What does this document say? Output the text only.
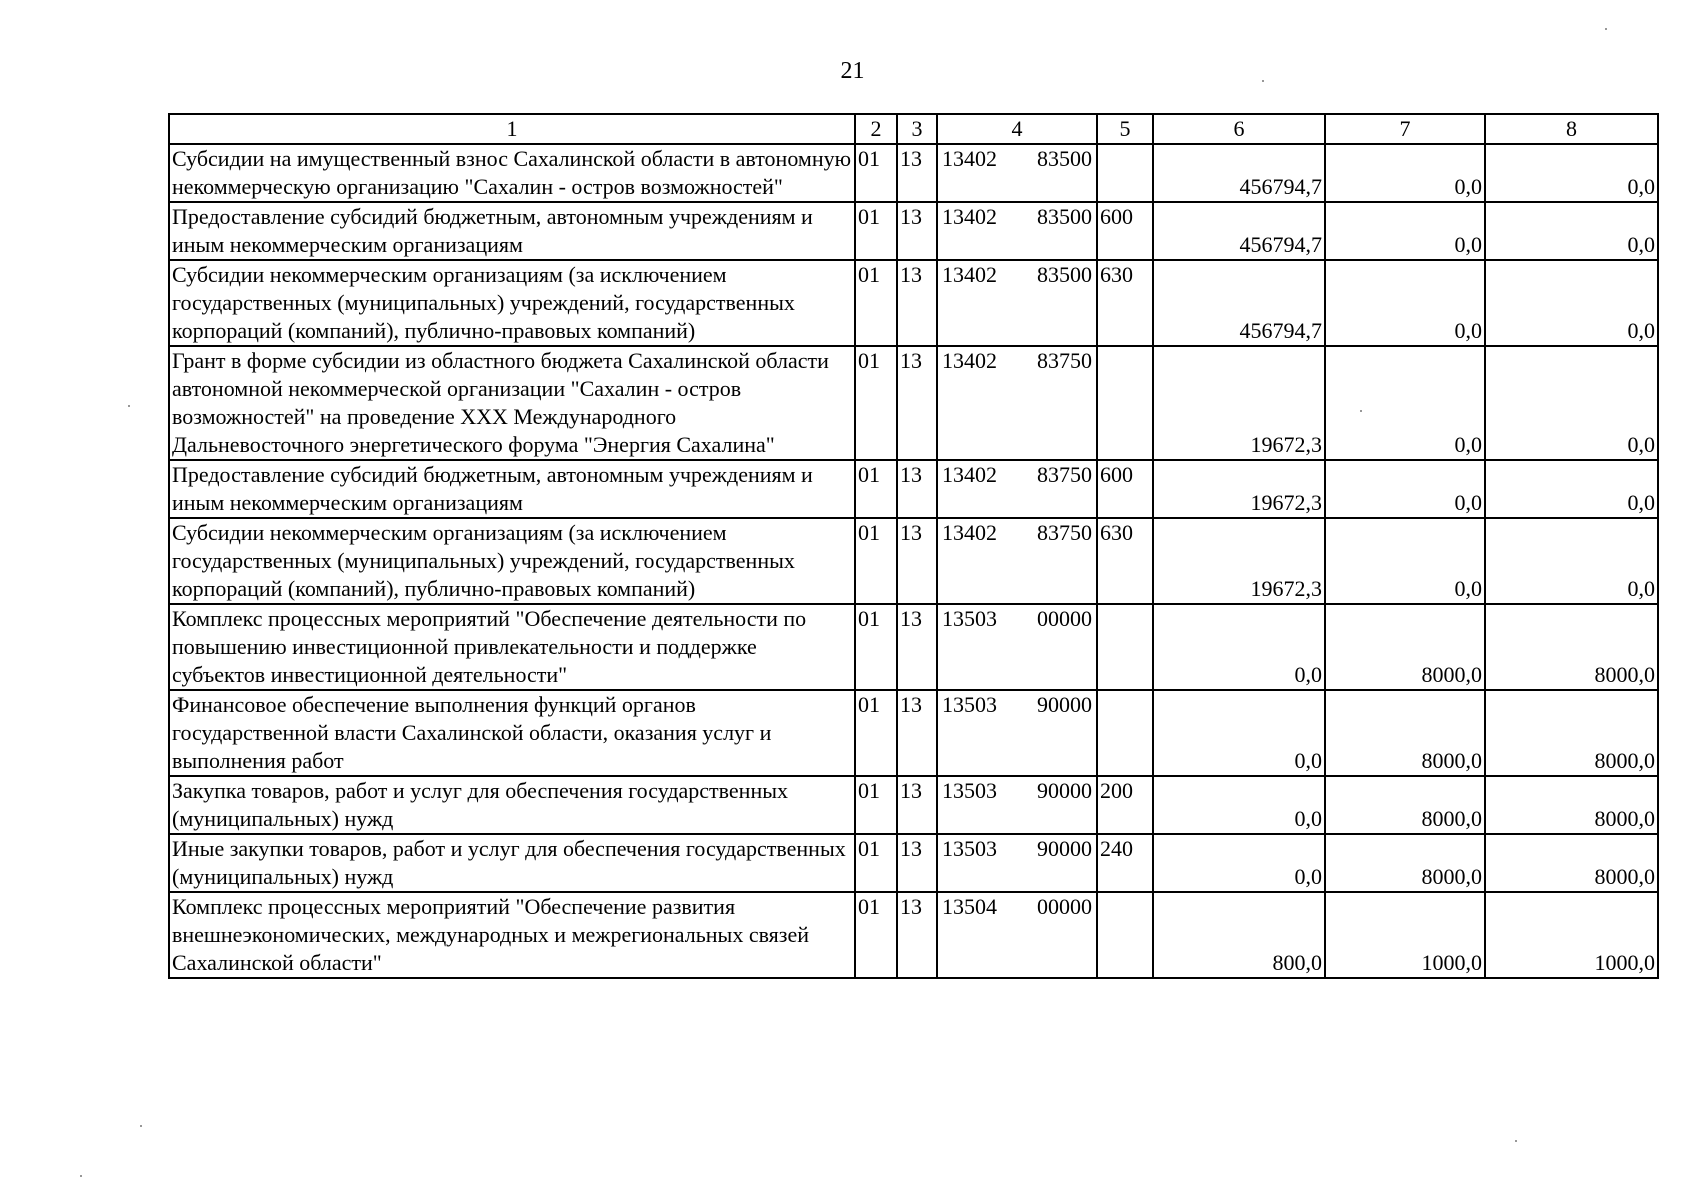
21
1	2	3	4	5	6	7	8
Субсидии на имущественный взнос Сахалинской области в автономную некоммерческую организацию "Сахалин - остров возможностей"	01	13	13402 83500		456794,7	0,0	0,0
Предоставление субсидий бюджетным, автономным учреждениям и иным некоммерческим организациям	01	13	13402 83500	600	456794,7	0,0	0,0
Субсидии некоммерческим организациям (за исключением государственных (муниципальных) учреждений, государственных корпораций (компаний), публично-правовых компаний)	01	13	13402 83500	630	456794,7	0,0	0,0
Грант в форме субсидии из областного бюджета Сахалинской области автономной некоммерческой организации "Сахалин - остров возможностей" на проведение XXX Международного Дальневосточного энергетического форума "Энергия Сахалина"	01	13	13402 83750		19672,3	0,0	0,0
Предоставление субсидий бюджетным, автономным учреждениям и иным некоммерческим организациям	01	13	13402 83750	600	19672,3	0,0	0,0
Субсидии некоммерческим организациям (за исключением государственных (муниципальных) учреждений, государственных корпораций (компаний), публично-правовых компаний)	01	13	13402 83750	630	19672,3	0,0	0,0
Комплекс процессных мероприятий "Обеспечение деятельности по повышению инвестиционной привлекательности и поддержке субъектов инвестиционной деятельности"	01	13	13503 00000		0,0	8000,0	8000,0
Финансовое обеспечение выполнения функций органов государственной власти Сахалинской области, оказания услуг и выполнения работ	01	13	13503 90000		0,0	8000,0	8000,0
Закупка товаров, работ и услуг для обеспечения государственных (муниципальных) нужд	01	13	13503 90000	200	0,0	8000,0	8000,0
Иные закупки товаров, работ и услуг для обеспечения государственных (муниципальных) нужд	01	13	13503 90000	240	0,0	8000,0	8000,0
Комплекс процессных мероприятий "Обеспечение развития внешнеэкономических, международных и межрегиональных связей Сахалинской области"	01	13	13504 00000		800,0	1000,0	1000,0
